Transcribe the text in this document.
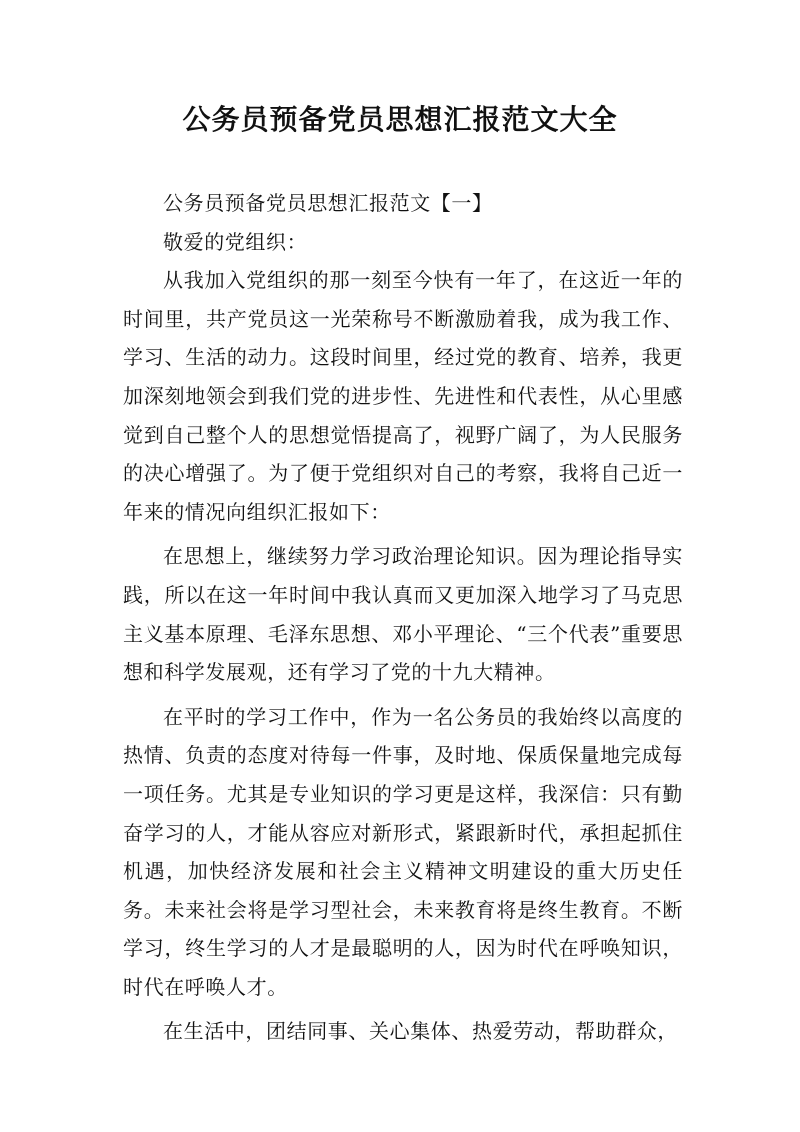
公务员预备党员思想汇报范文大全

公务员预备党员思想汇报范文【一】

敬爱的党组织：

从我加入党组织的那一刻至今快有一年了，在这近一年的时间里，共产党员这一光荣称号不断激励着我，成为我工作、学习、生活的动力。这段时间里，经过党的教育、培养，我更加深刻地领会到我们党的进步性、先进性和代表性，从心里感觉到自己整个人的思想觉悟提高了，视野广阔了，为人民服务的决心增强了。为了便于党组织对自己的考察，我将自己近一年来的情况向组织汇报如下：

在思想上，继续努力学习政治理论知识。因为理论指导实践，所以在这一年时间中我认真而又更加深入地学习了马克思主义基本原理、毛泽东思想、邓小平理论、“三个代表”重要思想和科学发展观，还有学习了党的十九大精神。

在平时的学习工作中，作为一名公务员的我始终以高度的热情、负责的态度对待每一件事，及时地、保质保量地完成每一项任务。尤其是专业知识的学习更是这样，我深信：只有勤奋学习的人，才能从容应对新形式，紧跟新时代，承担起抓住机遇，加快经济发展和社会主义精神文明建设的重大历史任务。未来社会将是学习型社会，未来教育将是终生教育。不断学习，终生学习的人才是最聪明的人，因为时代在呼唤知识，时代在呼唤人才。

在生活中，团结同事、关心集体、热爱劳动，帮助群众，
